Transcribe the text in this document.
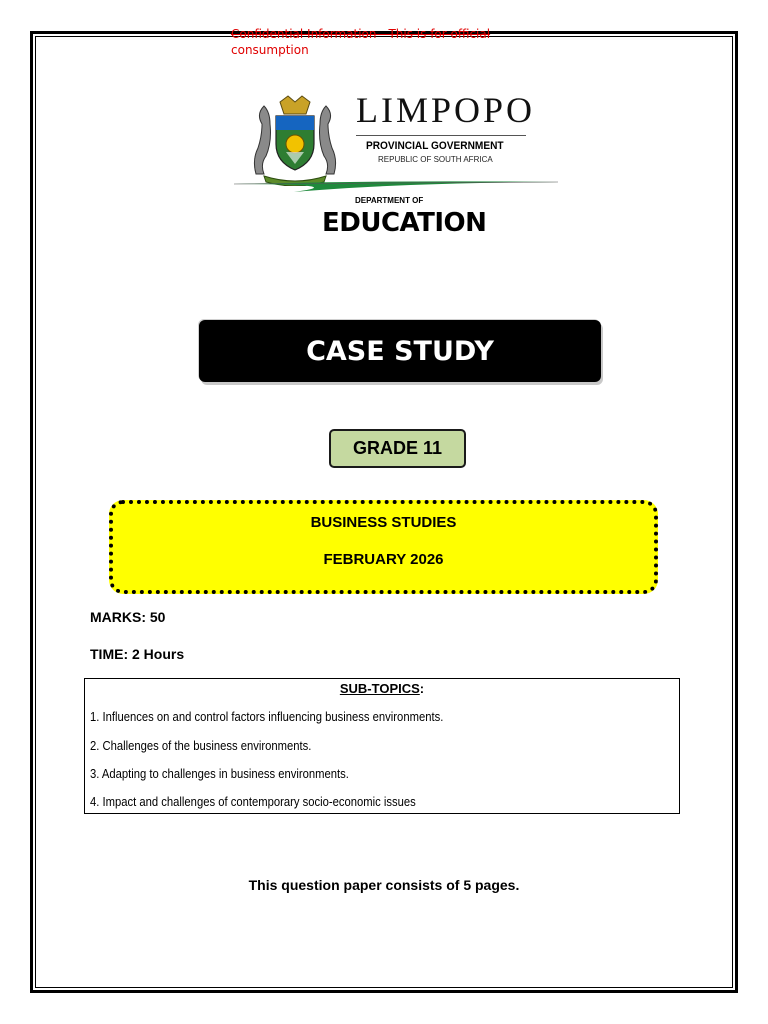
Confidential Information - This is for official
consumption
LIMPOPO
PROVINCIAL GOVERNMENT
REPUBLIC OF SOUTH AFRICA
DEPARTMENT OF
EDUCATION
CASE STUDY
GRADE 11
BUSINESS STUDIES
FEBRUARY 2026
MARKS: 50
TIME: 2 Hours
SUB-TOPICS:
1. Influences on and control factors influencing business environments.
2. Challenges of the business environments.
3. Adapting to challenges in business environments.
4. Impact and challenges of contemporary socio-economic issues
This question paper consists of 5 pages.
